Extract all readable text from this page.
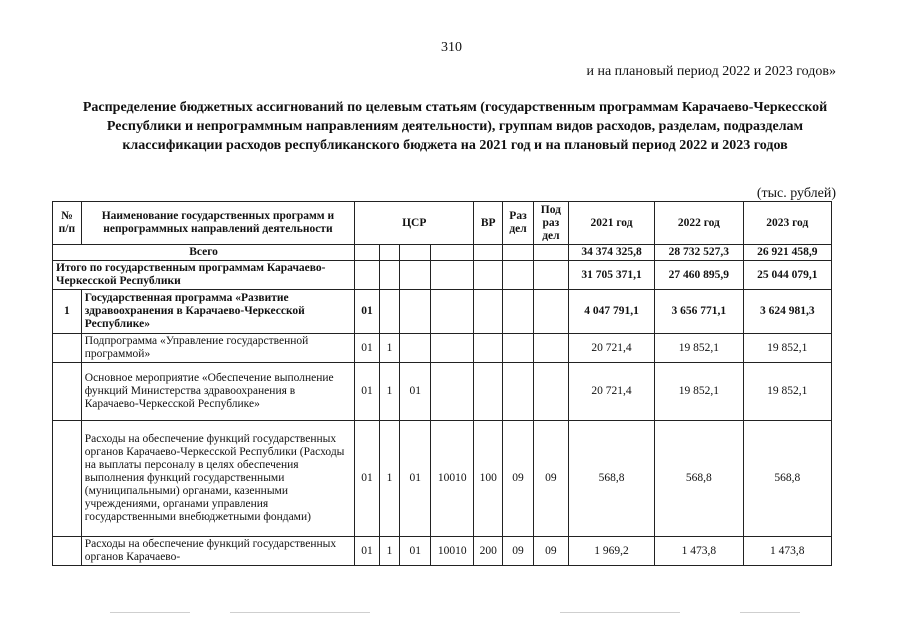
310
и на плановый период 2022 и 2023 годов»
Распределение бюджетных ассигнований по целевым статьям (государственным программам Карачаево-Черкесской Республики и непрограммным направлениям деятельности), группам видов расходов, разделам, подразделам классификации расходов республиканского бюджета на 2021 год и на плановый период 2022 и 2023 годов
(тыс. рублей)
№ п/п	Наименование государственных программ и непрограммных направлений деятельности	ЦСР				ВР	Раз дел	Под раз дел	2021 год	2022 год	2023 год
Всего									34 374 325,8	28 732 527,3	26 921 458,9
Итого по государственным программам Карачаево-Черкесской Республики									31 705 371,1	27 460 895,9	25 044 079,1
1	Государственная программа «Развитие здравоохранения в Карачаево-Черкесской Республике»	01							4 047 791,1	3 656 771,1	3 624 981,3
	Подпрограмма «Управление государственной программой»	01	1						20 721,4	19 852,1	19 852,1
	Основное мероприятие «Обеспечение выполнение функций Министерства здравоохранения в Карачаево-Черкесской Республике»	01	1	01					20 721,4	19 852,1	19 852,1
	Расходы на обеспечение функций государственных органов Карачаево-Черкесской Республики (Расходы на выплаты персоналу в целях обеспечения выполнения функций государственными (муниципальными) органами, казенными учреждениями, органами управления государственными внебюджетными фондами)	01	1	01	10010	100	09	09	568,8	568,8	568,8
	Расходы на обеспечение функций государственных органов Карачаево-	01	1	01	10010	200	09	09	1 969,2	1 473,8	1 473,8
